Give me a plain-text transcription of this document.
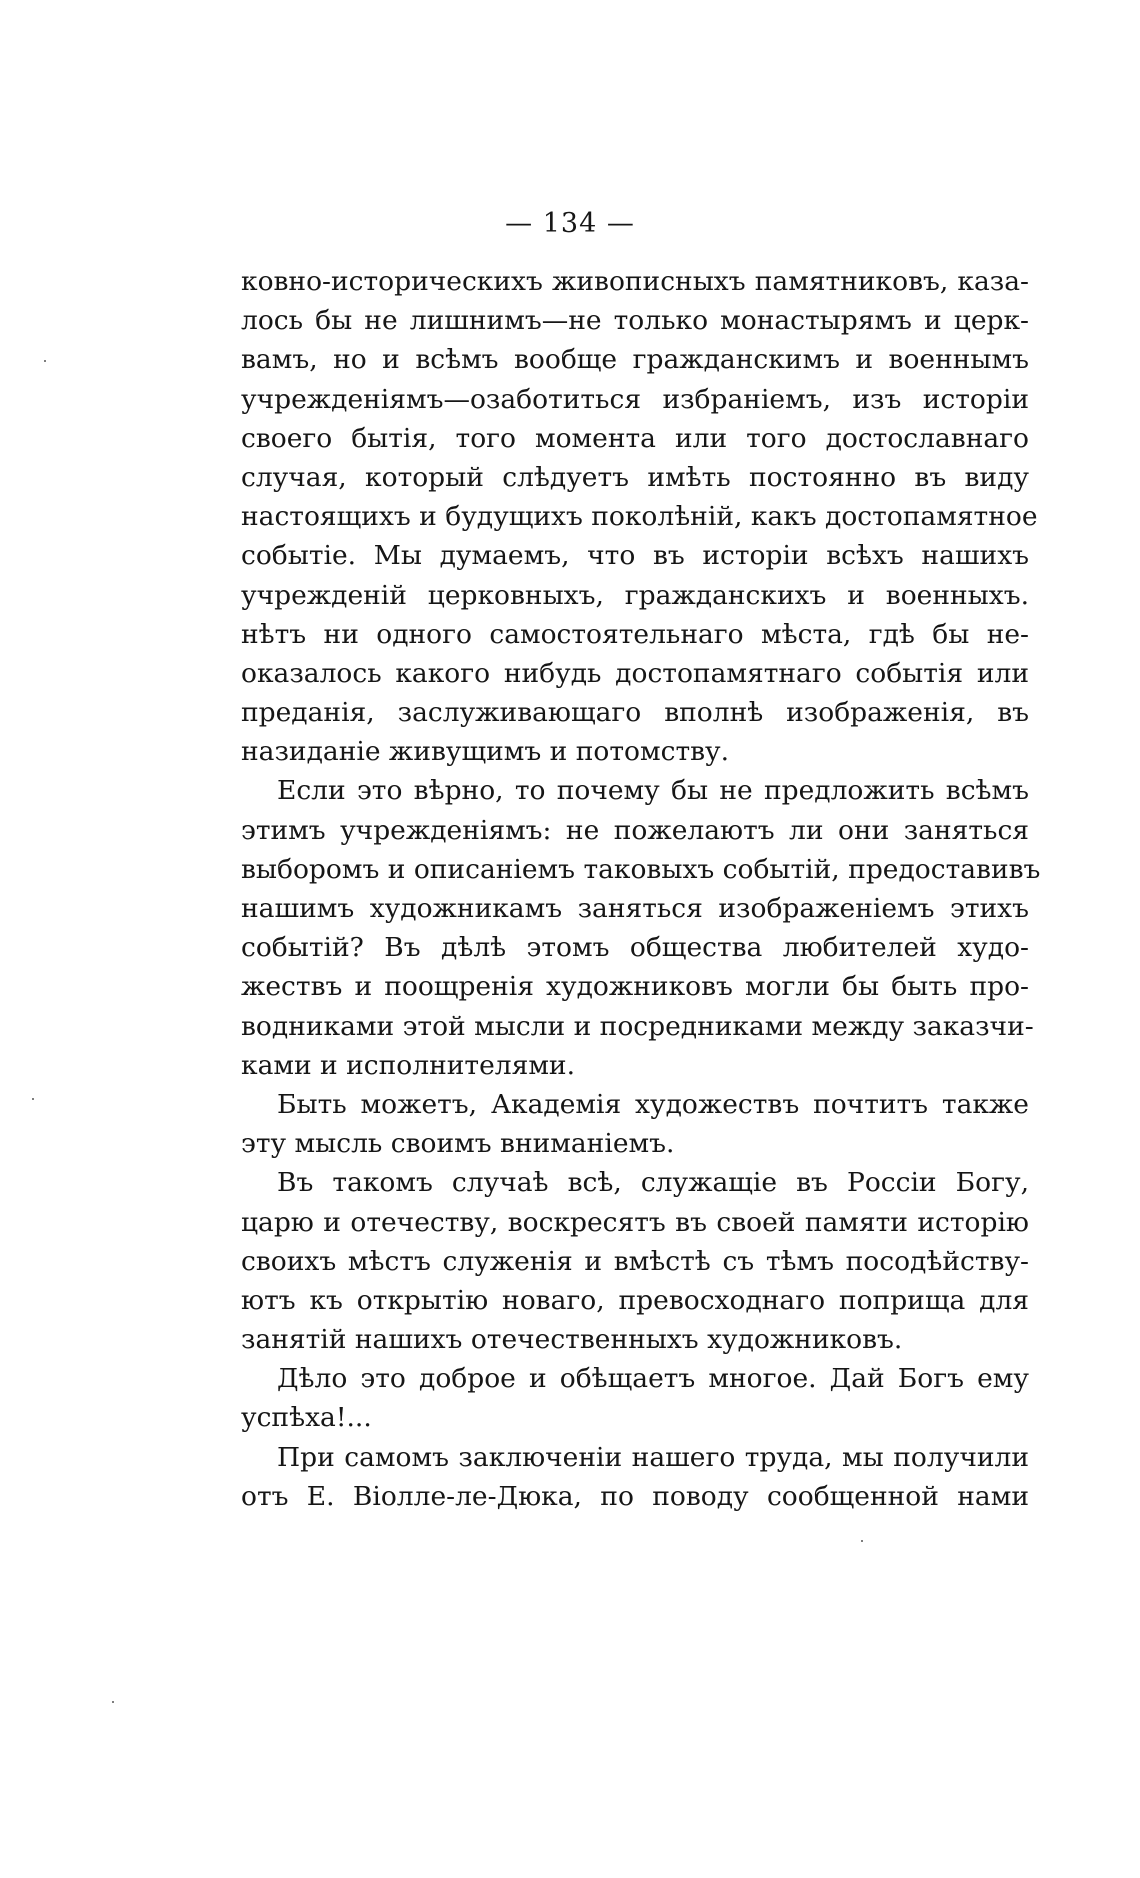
— 134 —
ковно-историческихъ живописныхъ памятниковъ, каза-
лось бы не лишнимъ—не только монастырямъ и церк-
вамъ, но и всѣмъ вообще гражданскимъ и военнымъ
учрежденіямъ—озаботиться избраніемъ, изъ исторіи
своего бытія, того момента или того достославнаго
случая, который слѣдуетъ имѣть постоянно въ виду
настоящихъ и будущихъ поколѣній, какъ достопамятное
событіе. Мы думаемъ, что въ исторіи всѣхъ нашихъ
учрежденій церковныхъ, гражданскихъ и военныхъ.
нѣтъ ни одного самостоятельнаго мѣста, гдѣ бы не-
оказалось какого нибудь достопамятнаго событія или
преданія, заслуживающаго вполнѣ изображенія, въ
назиданіе живущимъ и потомству.
Если это вѣрно, то почему бы не предложить всѣмъ
этимъ учрежденіямъ: не пожелаютъ ли они заняться
выборомъ и описаніемъ таковыхъ событій, предоставивъ
нашимъ художникамъ заняться изображеніемъ этихъ
событій? Въ дѣлѣ этомъ общества любителей худо-
жествъ и поощренія художниковъ могли бы быть про-
водниками этой мысли и посредниками между заказчи-
ками и исполнителями.
Быть можетъ, Академія художествъ почтитъ также
эту мысль своимъ вниманіемъ.
Въ такомъ случаѣ всѣ, служащіе въ Россіи Богу,
царю и отечеству, воскресятъ въ своей памяти исторію
своихъ мѣстъ служенія и вмѣстѣ съ тѣмъ посодѣйству-
ютъ къ открытію новаго, превосходнаго поприща для
занятій нашихъ отечественныхъ художниковъ.
Дѣло это доброе и обѣщаетъ многое. Дай Богъ ему
успѣха!...
При самомъ заключеніи нашего труда, мы получили
отъ Е. Віолле-ле-Дюка, по поводу сообщенной нами
